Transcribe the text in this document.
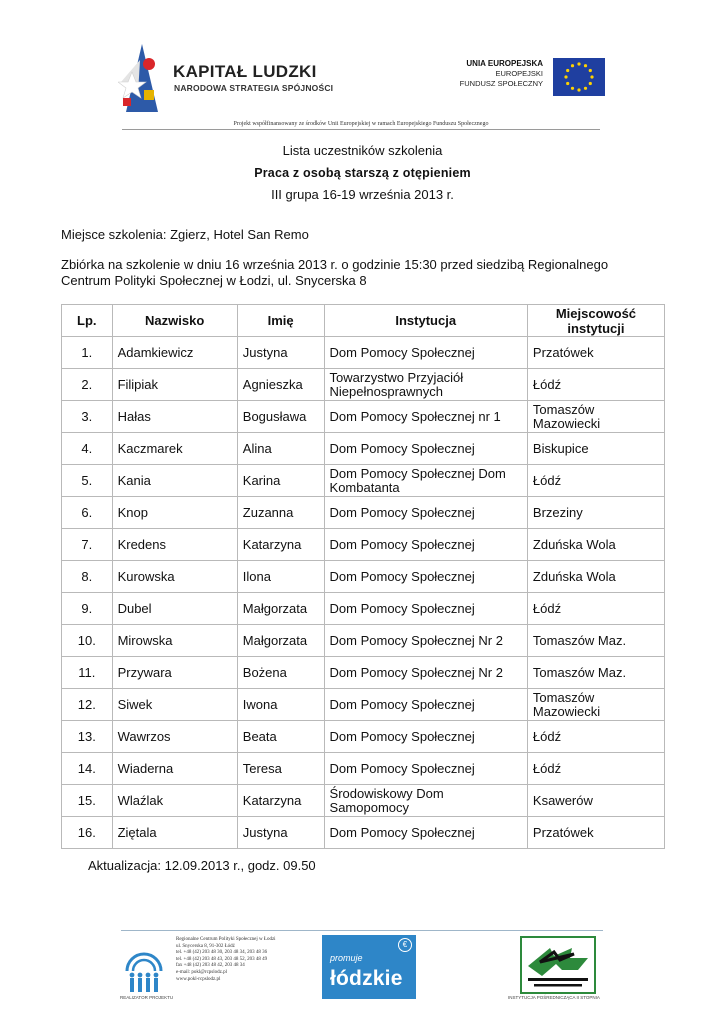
KAPITAŁ LUDZKI
NARODOWA STRATEGIA SPÓJNOŚCI
UNIA EUROPEJSKA
EUROPEJSKI
FUNDUSZ SPOŁECZNY
Projekt współfinansowany ze środków Unii Europejskiej w ramach Europejskiego Funduszu Społecznego
Lista uczestników szkolenia
Praca z osobą starszą z otępieniem
III grupa 16-19 września 2013 r.
Miejsce szkolenia: Zgierz, Hotel San Remo
Zbiórka na szkolenie w dniu 16 września 2013 r. o godzinie 15:30 przed siedzibą Regionalnego
Centrum Polityki Społecznej w Łodzi, ul. Snycerska 8
Lp.	Nazwisko	Imię	Instytucja	Miejscowość
instytucji
1.	Adamkiewicz	Justyna	Dom Pomocy Społecznej	Przatówek
2.	Filipiak	Agnieszka	Towarzystwo Przyjaciół Niepełnosprawnych	Łódź
3.	Hałas	Bogusława	Dom Pomocy Społecznej nr 1	Tomaszów Mazowiecki
4.	Kaczmarek	Alina	Dom Pomocy Społecznej	Biskupice
5.	Kania	Karina	Dom Pomocy Społecznej Dom Kombatanta	Łódź
6.	Knop	Zuzanna	Dom Pomocy Społecznej	Brzeziny
7.	Kredens	Katarzyna	Dom Pomocy Społecznej	Zduńska Wola
8.	Kurowska	Ilona	Dom Pomocy Społecznej	Zduńska Wola
9.	Dubel	Małgorzata	Dom Pomocy Społecznej	Łódź
10.	Mirowska	Małgorzata	Dom Pomocy Społecznej Nr 2	Tomaszów Maz.
11.	Przywara	Bożena	Dom Pomocy Społecznej Nr 2	Tomaszów Maz.
12.	Siwek	Iwona	Dom Pomocy Społecznej	Tomaszów Mazowiecki
13.	Wawrzos	Beata	Dom Pomocy Społecznej	Łódź
14.	Wiaderna	Teresa	Dom Pomocy Społecznej	Łódź
15.	Wlaźlak	Katarzyna	Środowiskowy Dom Samopomocy	Ksawerów
16.	Ziętala	Justyna	Dom Pomocy Społecznej	Przatówek
Aktualizacja: 12.09.2013 r., godz. 09.50
REALIZATOR PROJEKTU
Regionalne Centrum Polityki Społecznej w Łodzi
ul. Snycerska 8, 91-302 Łódź
tel. +48 (42) 203 48 30, 203 48 34, 203 48 36
tel. +48 (42) 203 48 43, 203 48 52, 203 48 49
fax +48 (42) 203 48 42, 203 48 34
e-mail: pokl@rcpslodz.pl
www.pokl-rcpslodz.pl
€
promuje
łódzkie
INSTYTUCJA POŚREDNICZĄCA II STOPNIA
